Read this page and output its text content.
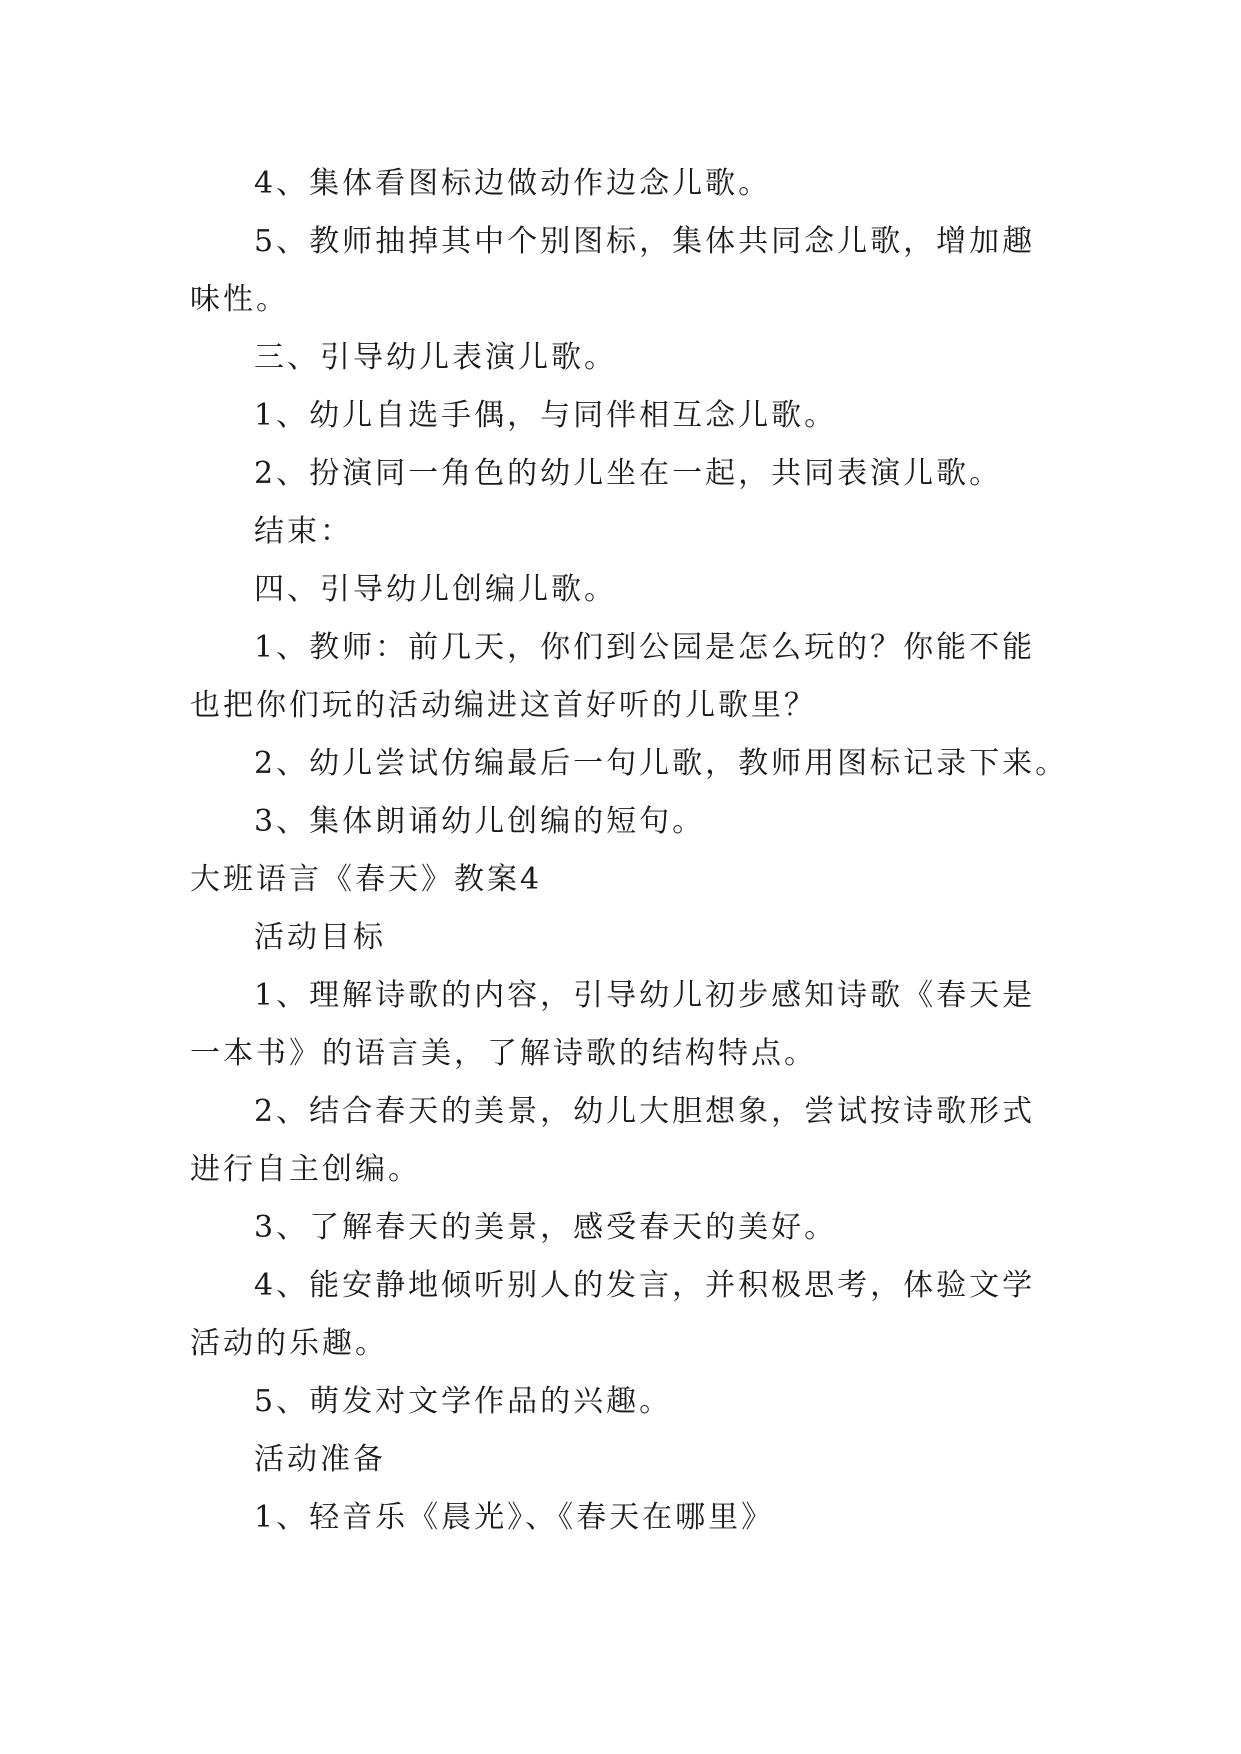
4、集体看图标边做动作边念儿歌。
5、教师抽掉其中个别图标，集体共同念儿歌，增加趣
味性。
三、引导幼儿表演儿歌。
1、幼儿自选手偶，与同伴相互念儿歌。
2、扮演同一角色的幼儿坐在一起，共同表演儿歌。
结束：
四、引导幼儿创编儿歌。
1、教师：前几天，你们到公园是怎么玩的？你能不能
也把你们玩的活动编进这首好听的儿歌里？
2、幼儿尝试仿编最后一句儿歌，教师用图标记录下来。
3、集体朗诵幼儿创编的短句。
大班语言《春天》教案4
活动目标
1、理解诗歌的内容，引导幼儿初步感知诗歌《春天是
一本书》的语言美，了解诗歌的结构特点。
2、结合春天的美景，幼儿大胆想象，尝试按诗歌形式
进行自主创编。
3、了解春天的美景，感受春天的美好。
4、能安静地倾听别人的发言，并积极思考，体验文学
活动的乐趣。
5、萌发对文学作品的兴趣。
活动准备
1、轻音乐《晨光》、《春天在哪里》
